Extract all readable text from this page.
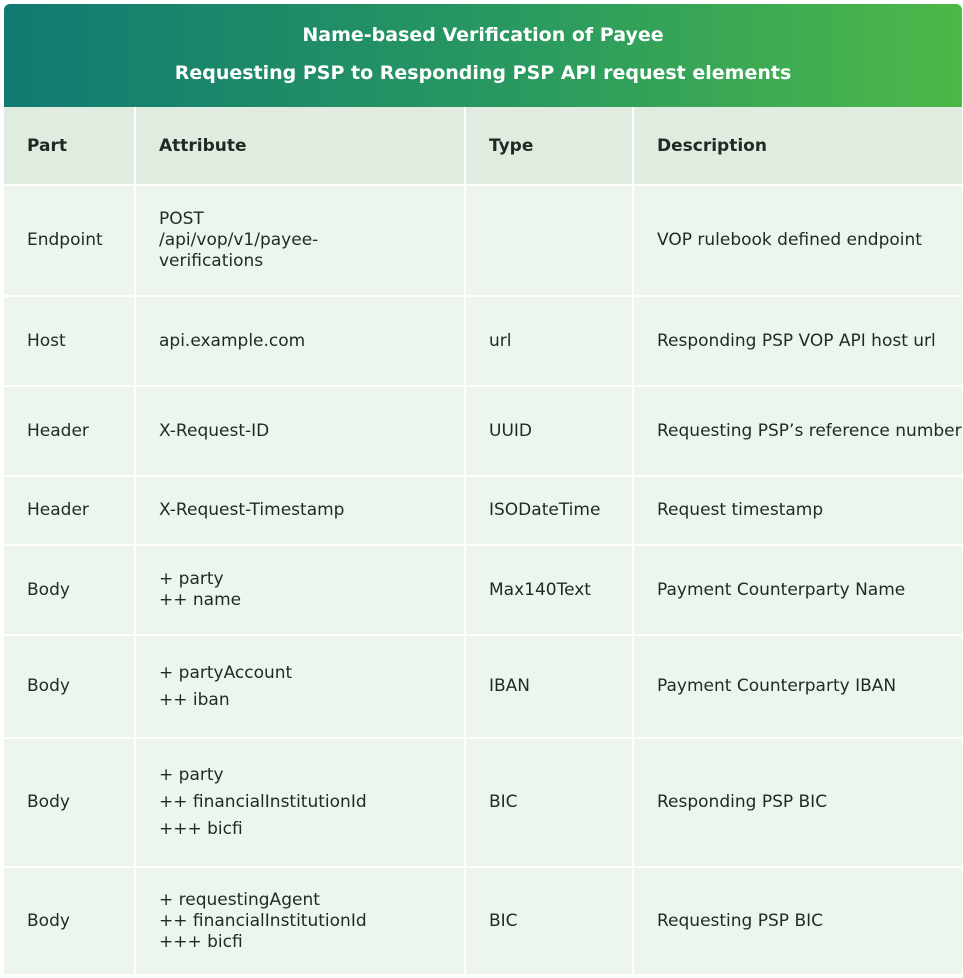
Name-based Verification of Payee
Requesting PSP to Responding PSP API request elements
Part	Attribute	Type	Description
Endpoint	POST
/api/vop/v1/payee-
verifications		VOP rulebook defined endpoint
Host	api.example.com	url	Responding PSP VOP API host url
Header	X-Request-ID	UUID	Requesting PSP’s reference number
Header	X-Request-Timestamp	ISODateTime	Request timestamp
Body	+ party
++ name	Max140Text	Payment Counterparty Name
Body	+ partyAccount
++ iban	IBAN	Payment Counterparty IBAN
Body	+ party
++ financialInstitutionId
+++ bicfi	BIC	Responding PSP BIC
Body	+ requestingAgent
++ financialInstitutionId
+++ bicfi	BIC	Requesting PSP BIC
